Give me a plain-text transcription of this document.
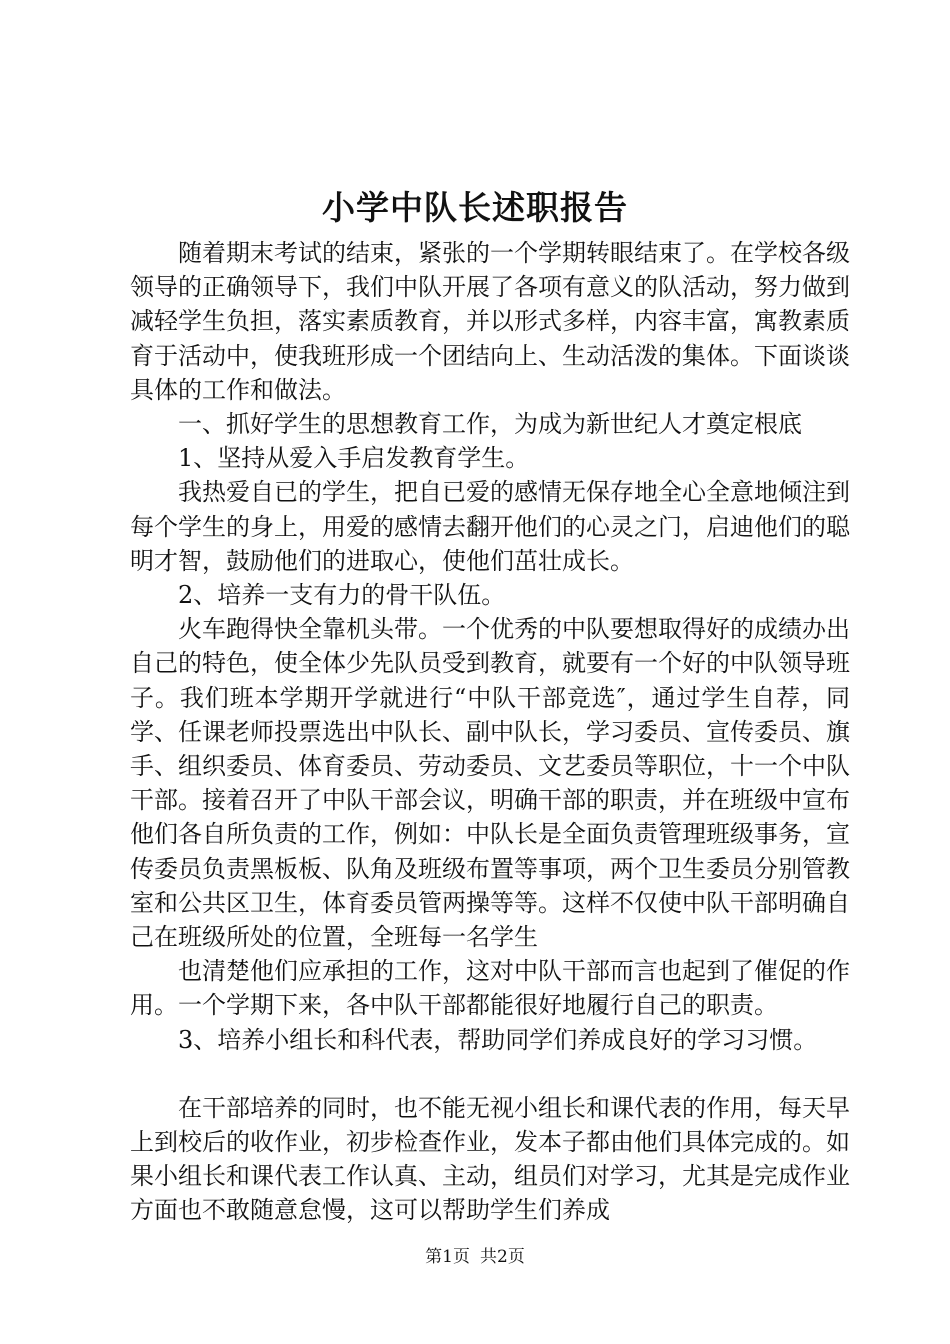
小学中队长述职报告

随着期末考试的结束，紧张的一个学期转眼结束了。在学校各级领导的正确领导下，我们中队开展了各项有意义的队活动，努力做到减轻学生负担，落实素质教育，并以形式多样，内容丰富，寓教素质育于活动中，使我班形成一个团结向上、生动活泼的集体。下面谈谈具体的工作和做法。

一、抓好学生的思想教育工作，为成为新世纪人才奠定根底

1、坚持从爱入手启发教育学生。

我热爱自已的学生，把自已爱的感情无保存地全心全意地倾注到每个学生的身上，用爱的感情去翻开他们的心灵之门，启迪他们的聪明才智，鼓励他们的进取心，使他们茁壮成长。

2、培养一支有力的骨干队伍。

火车跑得快全靠机头带。一个优秀的中队要想取得好的成绩办出自己的特色，使全体少先队员受到教育，就要有一个好的中队领导班子。我们班本学期开学就进行“中队干部竞选″，通过学生自荐，同学、任课老师投票选出中队长、副中队长，学习委员、宣传委员、旗手、组织委员、体育委员、劳动委员、文艺委员等职位，十一个中队干部。接着召开了中队干部会议，明确干部的职责，并在班级中宣布他们各自所负责的工作，例如：中队长是全面负责管理班级事务，宣传委员负责黑板板、队角及班级布置等事项，两个卫生委员分别管教室和公共区卫生，体育委员管两操等等。这样不仅使中队干部明确自己在班级所处的位置，全班每一名学生

也清楚他们应承担的工作，这对中队干部而言也起到了催促的作用。一个学期下来，各中队干部都能很好地履行自己的职责。

3、培养小组长和科代表，帮助同学们养成良好的学习习惯。

在干部培养的同时，也不能无视小组长和课代表的作用，每天早上到校后的收作业，初步检查作业，发本子都由他们具体完成的。如果小组长和课代表工作认真、主动，组员们对学习，尤其是完成作业方面也不敢随意怠慢，这可以帮助学生们养成

第1页 共2页
